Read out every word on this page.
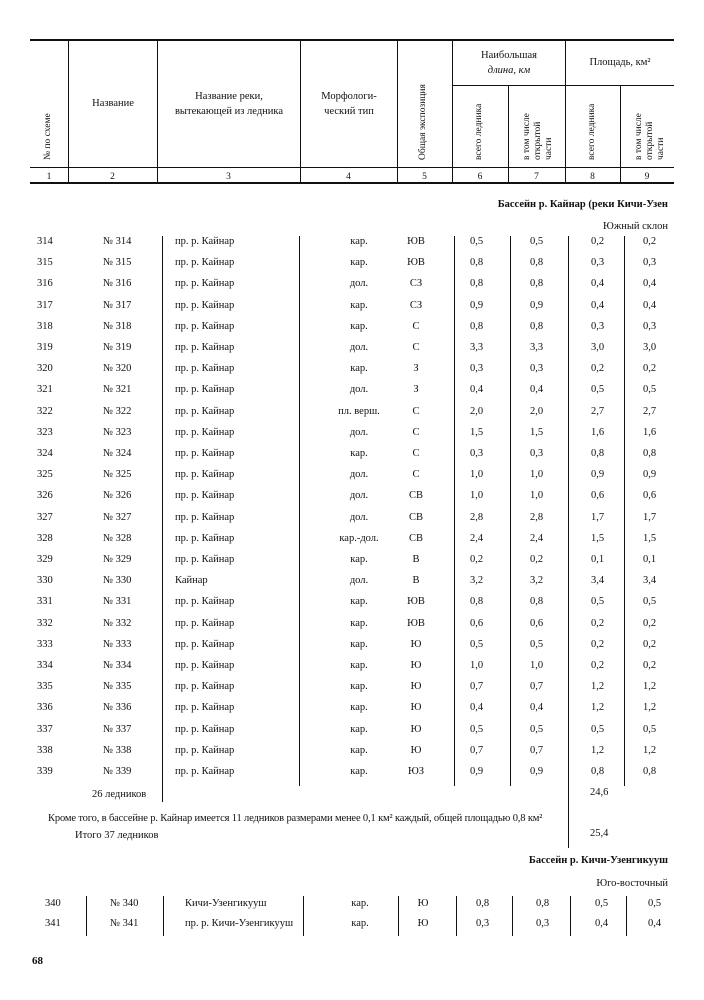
№ по схеме
Название
Название реки,
вытекающей из ледника
Морфологи-
ческий тип	Общая экспозиция
Наибольшая
длина, км
Площадь, км²
всего ледника	в том числе открытой части	всего ледника	в том числе открытой части
1	2	3	4	5	6	7	8	9
Бассейн р. Кайнар (реки Кичи-Узен
Южный склон
314	№ 314	пр. р. Кайнар	кар.	ЮВ	0,5	0,5	0,2	0,2
315	№ 315	пр. р. Кайнар	кар.	ЮВ	0,8	0,8	0,3	0,3
316	№ 316	пр. р. Кайнар	дол.	СЗ	0,8	0,8	0,4	0,4
317	№ 317	пр. р. Кайнар	кар.	СЗ	0,9	0,9	0,4	0,4
318	№ 318	пр. р. Кайнар	кар.	С	0,8	0,8	0,3	0,3
319	№ 319	пр. р. Кайнар	дол.	С	3,3	3,3	3,0	3,0
320	№ 320	пр. р. Кайнар	кар.	З	0,3	0,3	0,2	0,2
321	№ 321	пр. р. Кайнар	дол.	З	0,4	0,4	0,5	0,5
322	№ 322	пр. р. Кайнар	пл. верш.	С	2,0	2,0	2,7	2,7
323	№ 323	пр. р. Кайнар	дол.	С	1,5	1,5	1,6	1,6
324	№ 324	пр. р. Кайнар	кар.	С	0,3	0,3	0,8	0,8
325	№ 325	пр. р. Кайнар	дол.	С	1,0	1,0	0,9	0,9
326	№ 326	пр. р. Кайнар	дол.	СВ	1,0	1,0	0,6	0,6
327	№ 327	пр. р. Кайнар	дол.	СВ	2,8	2,8	1,7	1,7
328	№ 328	пр. р. Кайнар	кар.-дол.	СВ	2,4	2,4	1,5	1,5
329	№ 329	пр. р. Кайнар	кар.	В	0,2	0,2	0,1	0,1
330	№ 330	Кайнар	дол.	В	3,2	3,2	3,4	3,4
331	№ 331	пр. р. Кайнар	кар.	ЮВ	0,8	0,8	0,5	0,5
332	№ 332	пр. р. Кайнар	кар.	ЮВ	0,6	0,6	0,2	0,2
333	№ 333	пр. р. Кайнар	кар.	Ю	0,5	0,5	0,2	0,2
334	№ 334	пр. р. Кайнар	кар.	Ю	1,0	1,0	0,2	0,2
335	№ 335	пр. р. Кайнар	кар.	Ю	0,7	0,7	1,2	1,2
336	№ 336	пр. р. Кайнар	кар.	Ю	0,4	0,4	1,2	1,2
337	№ 337	пр. р. Кайнар	кар.	Ю	0,5	0,5	0,5	0,5
338	№ 338	пр. р. Кайнар	кар.	Ю	0,7	0,7	1,2	1,2
339	№ 339	пр. р. Кайнар	кар.	ЮЗ	0,9	0,9	0,8	0,8
26 ледников	24,6
Кроме того, в бассейне р. Кайнар имеется 11 ледников размерами менее 0,1 км² каждый, общей площадью 0,8 км²
Итого 37 ледников	25,4
Бассейн р. Кичи-Узенгикууш
Юго-восточный
340	№ 340	Кичи-Узенгикууш	кар.	Ю	0,8	0,8	0,5	0,5
341	№ 341	пр. р. Кичи-Узенгикууш	кар.	Ю	0,3	0,3	0,4	0,4
68
